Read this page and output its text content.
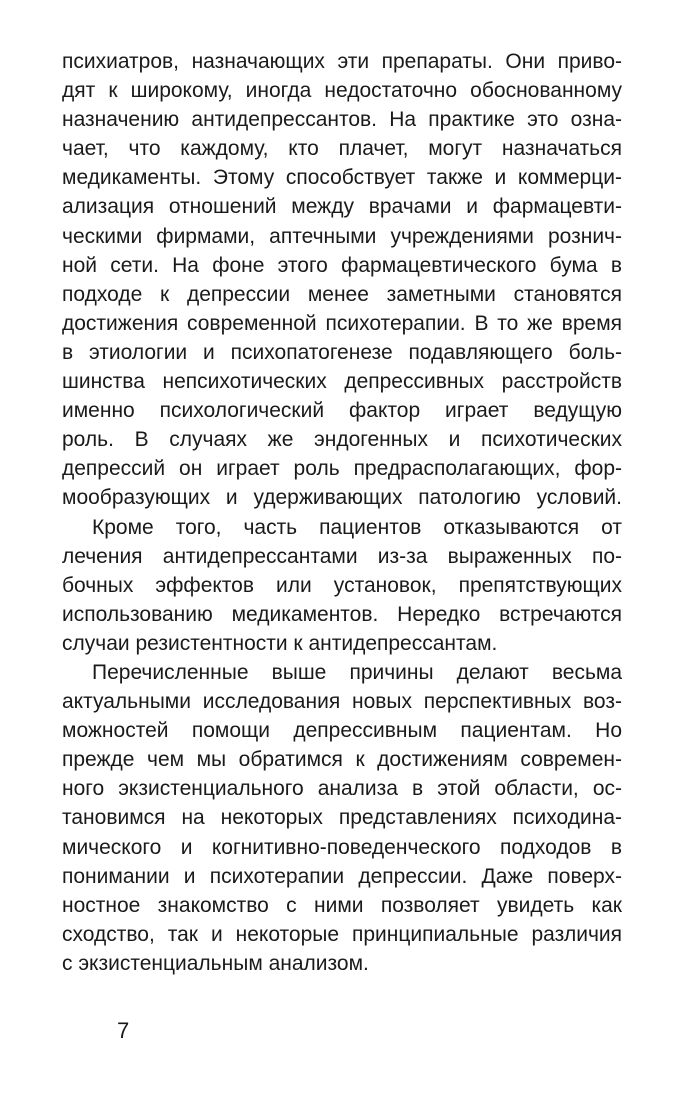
психиатров, назначающих эти препараты. Они приво-
дят к широкому, иногда недостаточно обоснованному
назначению антидепрессантов. На практике это озна-
чает, что каждому, кто плачет, могут назначаться
медикаменты. Этому способствует также и коммерци-
ализация отношений между врачами и фармацевти-
ческими фирмами, аптечными учреждениями рознич-
ной сети. На фоне этого фармацевтического бума в
подходе к депрессии менее заметными становятся
достижения современной психотерапии. В то же время
в этиологии и психопатогенезе подавляющего боль-
шинства непсихотических депрессивных расстройств
именно психологический фактор играет ведущую
роль. В случаях же эндогенных и психотических
депрессий он играет роль предрасполагающих, фор-
мообразующих и удерживающих патологию условий.
Кроме того, часть пациентов отказываются от
лечения антидепрессантами из-за выраженных по-
бочных эффектов или установок, препятствующих
использованию медикаментов. Нередко встречаются
случаи резистентности к антидепрессантам.
Перечисленные выше причины делают весьма
актуальными исследования новых перспективных воз-
можностей помощи депрессивным пациентам. Но
прежде чем мы обратимся к достижениям современ-
ного экзистенциального анализа в этой области, ос-
тановимся на некоторых представлениях психодина-
мического и когнитивно-поведенческого подходов в
понимании и психотерапии депрессии. Даже поверх-
ностное знакомство с ними позволяет увидеть как
сходство, так и некоторые принципиальные различия
с экзистенциальным анализом.
7
